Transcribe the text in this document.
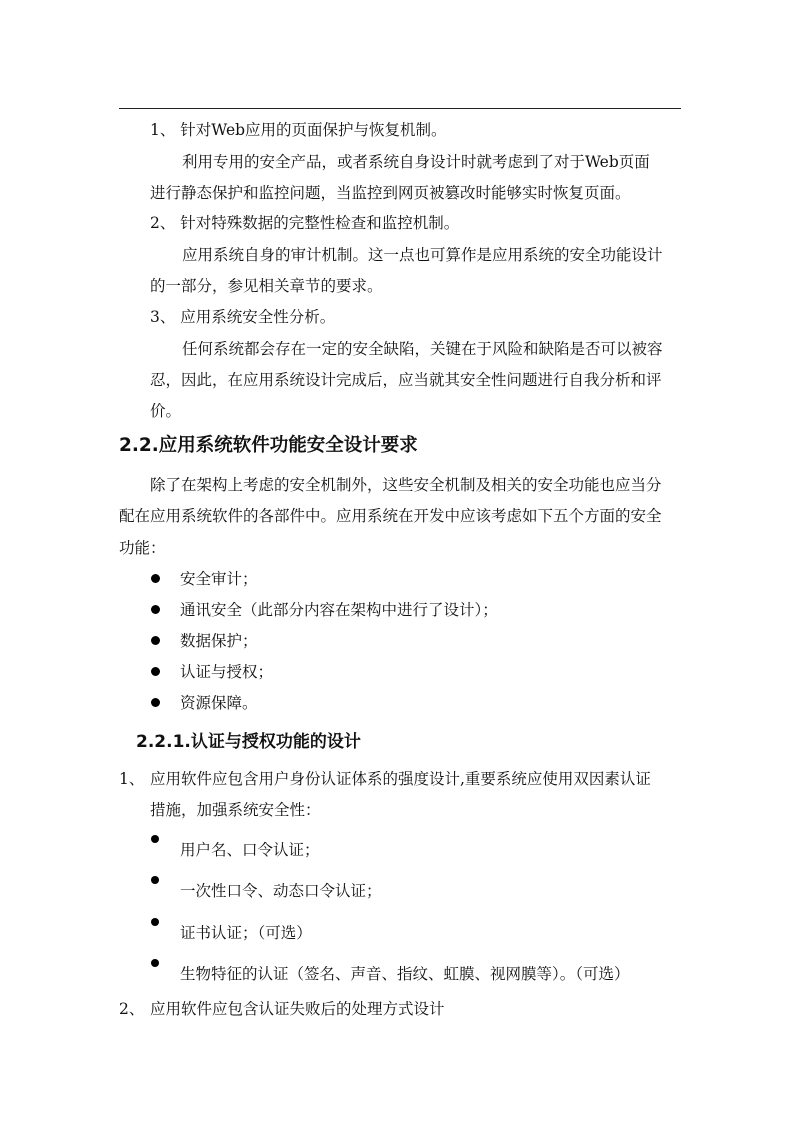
1、 针对Web应用的页面保护与恢复机制。
利用专用的安全产品，或者系统自身设计时就考虑到了对于Web页面
进行静态保护和监控问题，当监控到网页被篡改时能够实时恢复页面。
2、 针对特殊数据的完整性检查和监控机制。
应用系统自身的审计机制。这一点也可算作是应用系统的安全功能设计
的一部分，参见相关章节的要求。
3、 应用系统安全性分析。
任何系统都会存在一定的安全缺陷，关键在于风险和缺陷是否可以被容
忍，因此，在应用系统设计完成后，应当就其安全性问题进行自我分析和评
价。
2.2.应用系统软件功能安全设计要求
除了在架构上考虑的安全机制外，这些安全机制及相关的安全功能也应当分
配在应用系统软件的各部件中。应用系统在开发中应该考虑如下五个方面的安全
功能：
安全审计；
通讯安全（此部分内容在架构中进行了设计）；
数据保护；
认证与授权；
资源保障。
2.2.1.认证与授权功能的设计
1、 应用软件应包含用户身份认证体系的强度设计,重要系统应使用双因素认证
措施，加强系统安全性：
用户名、口令认证；
一次性口令、动态口令认证；
证书认证；（可选）
生物特征的认证（签名、声音、指纹、虹膜、视网膜等）。（可选）
2、 应用软件应包含认证失败后的处理方式设计
